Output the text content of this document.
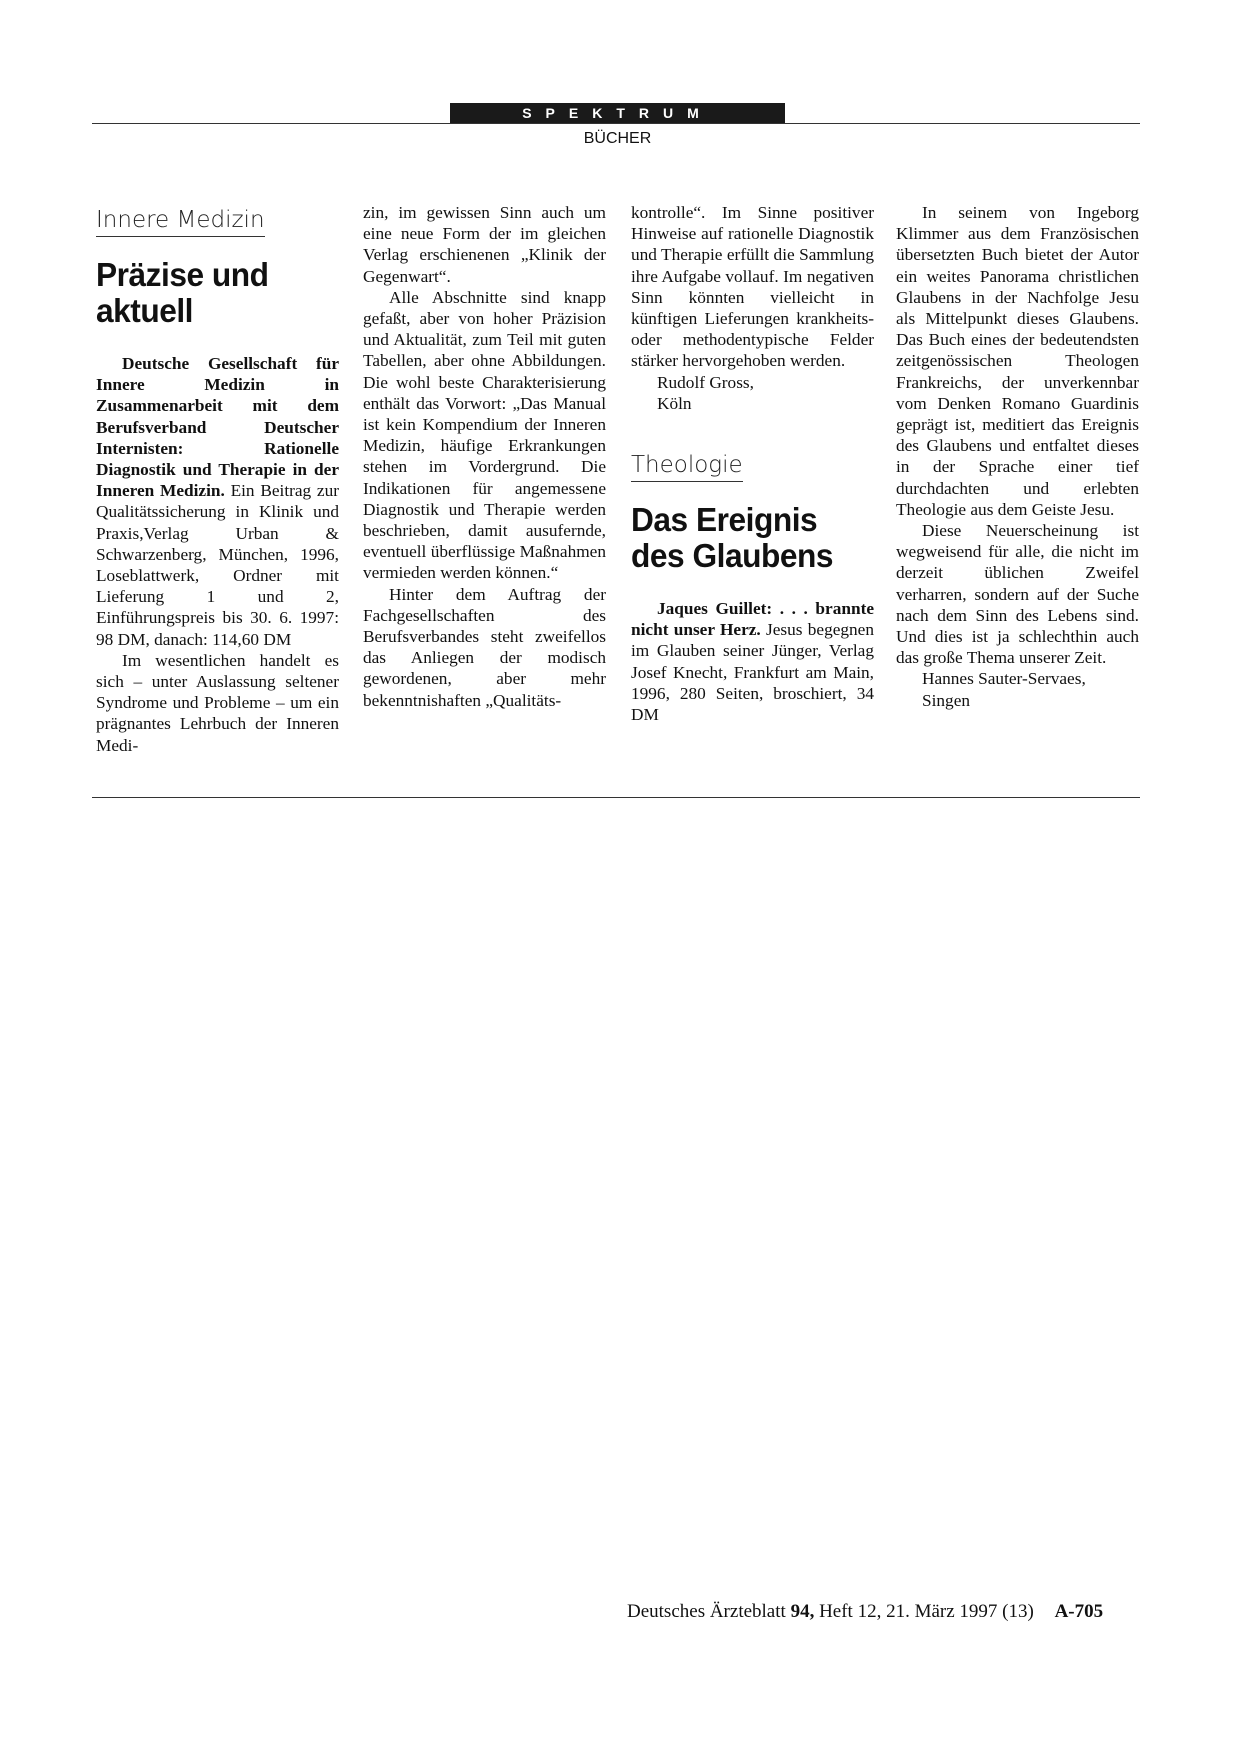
SPEKTRUM
BÜCHER
Innere Medizin
Präzise und
aktuell

Deutsche Gesellschaft für Innere Medizin in Zusammenarbeit mit dem Berufsverband Deutscher Internisten: Rationelle Diagnostik und Therapie in der Inneren Medizin. Ein Beitrag zur Qualitätssicherung in Klinik und Praxis,Verlag Urban & Schwarzenberg, München, 1996, Loseblattwerk, Ordner mit Lieferung 1 und 2, Einführungspreis bis 30. 6. 1997: 98 DM, danach: 114,60 DM

Im wesentlichen handelt es sich – unter Auslassung seltener Syndrome und Probleme – um ein prägnantes Lehrbuch der Inneren Medi-

zin, im gewissen Sinn auch um eine neue Form der im gleichen Verlag erschienenen „Klinik der Gegenwart“.

Alle Abschnitte sind knapp gefaßt, aber von hoher Präzision und Aktualität, zum Teil mit guten Tabellen, aber ohne Abbildungen. Die wohl beste Charakterisierung enthält das Vorwort: „Das Manual ist kein Kompendium der Inneren Medizin, häufige Erkrankungen stehen im Vordergrund. Die Indikationen für angemessene Diagnostik und Therapie werden beschrieben, damit ausufernde, eventuell überflüssige Maßnahmen vermieden werden können.“

Hinter dem Auftrag der Fachgesellschaften des Berufsverbandes steht zweifellos das Anliegen der modisch gewordenen, aber mehr bekenntnishaften „Qualitäts-

kontrolle“. Im Sinne positiver Hinweise auf rationelle Diagnostik und Therapie erfüllt die Sammlung ihre Aufgabe vollauf. Im negativen Sinn könnten vielleicht in künftigen Lieferungen krankheits- oder methodentypische Felder stärker hervorgehoben werden.

Rudolf Gross,
Köln
Theologie
Das Ereignis
des Glaubens

Jaques Guillet: . . . brannte nicht unser Herz. Jesus begegnen im Glauben seiner Jünger, Verlag Josef Knecht, Frankfurt am Main, 1996, 280 Seiten, broschiert, 34 DM

In seinem von Ingeborg Klimmer aus dem Französischen übersetzten Buch bietet der Autor ein weites Panorama christlichen Glaubens in der Nachfolge Jesu als Mittelpunkt dieses Glaubens. Das Buch eines der bedeutendsten zeitgenössischen Theologen Frankreichs, der unverkennbar vom Denken Romano Guardinis geprägt ist, meditiert das Ereignis des Glaubens und entfaltet dieses in der Sprache einer tief durchdachten und erlebten Theologie aus dem Geiste Jesu.

Diese Neuerscheinung ist wegweisend für alle, die nicht im derzeit üblichen Zweifel verharren, sondern auf der Suche nach dem Sinn des Lebens sind. Und dies ist ja schlechthin auch das große Thema unserer Zeit.

Hannes Sauter-Servaes,
Singen
Deutsches Ärzteblatt 94, Heft 12, 21. März 1997 (13) A-705
